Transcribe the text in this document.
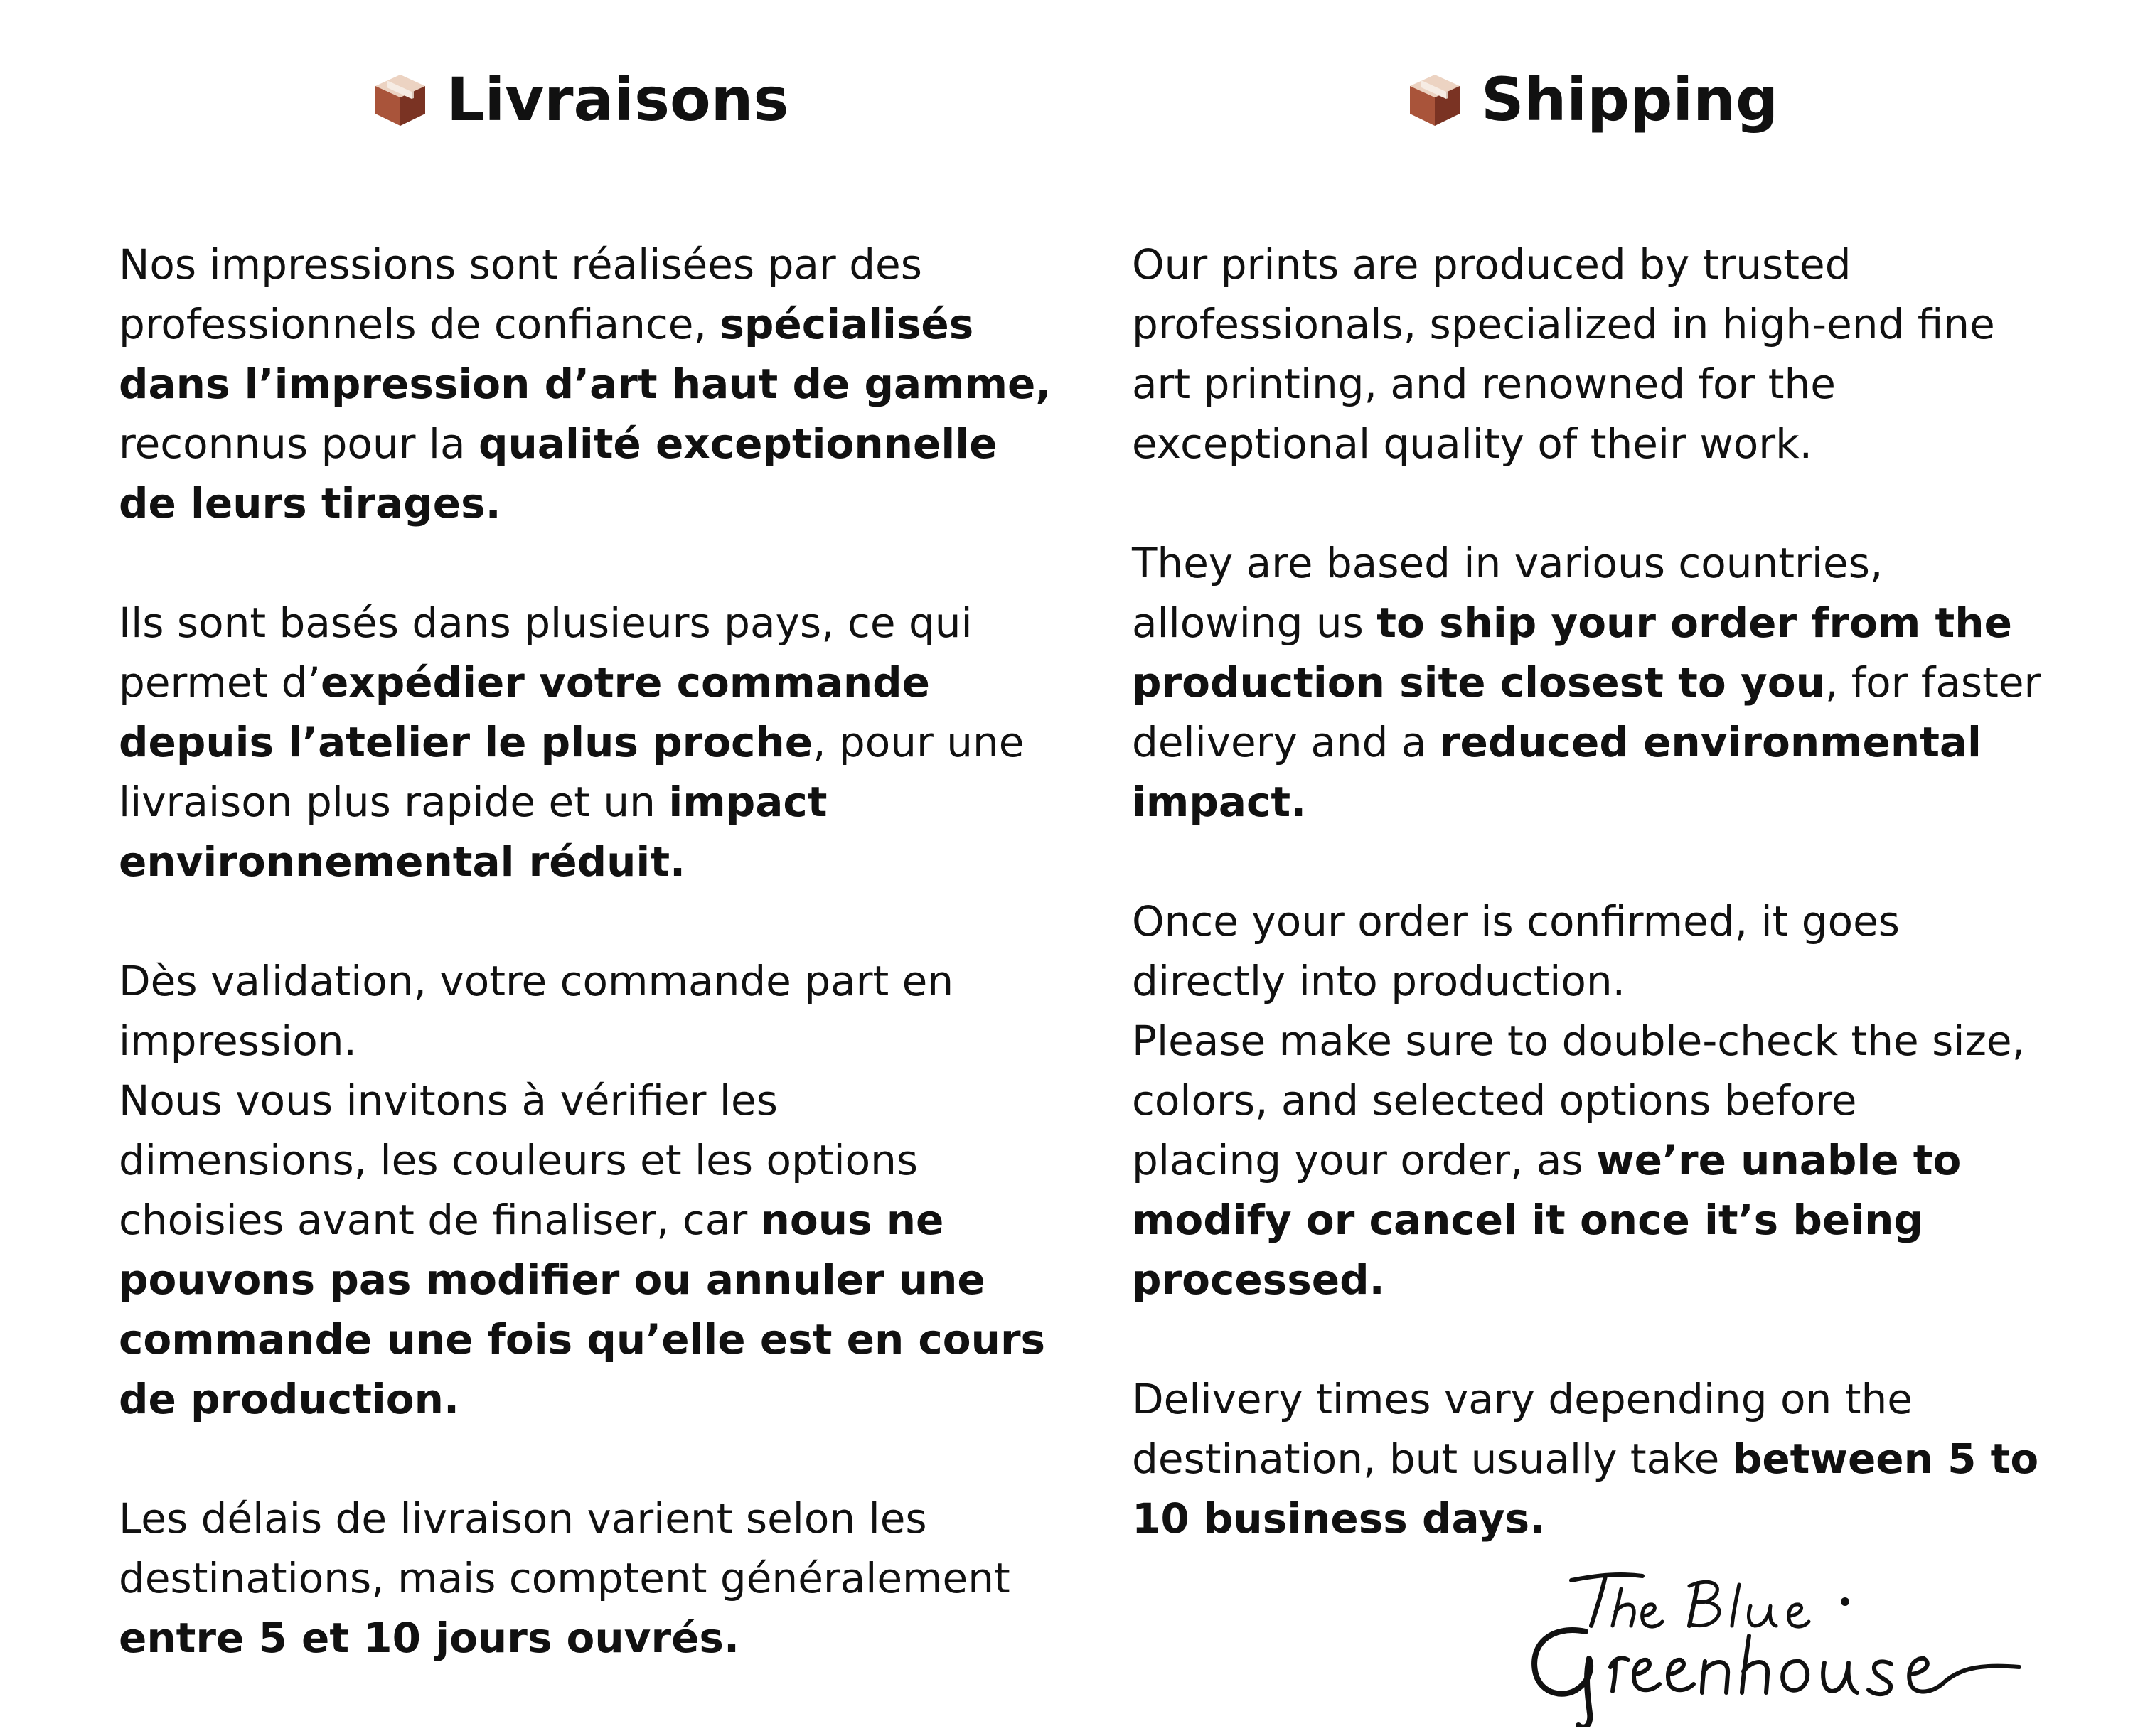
Livraisons
Nos impressions sont réalisées par des
professionnels de confiance, spécialisés
dans l’impression d’art haut de gamme,
reconnus pour la qualité exceptionnelle
de leurs tirages.
Ils sont basés dans plusieurs pays, ce qui
permet d’expédier votre commande
depuis l’atelier le plus proche, pour une
livraison plus rapide et un impact
environnemental réduit.
Dès validation, votre commande part en
impression.
Nous vous invitons à vérifier les
dimensions, les couleurs et les options
choisies avant de finaliser, car nous ne
pouvons pas modifier ou annuler une
commande une fois qu’elle est en cours
de production.
Les délais de livraison varient selon les
destinations, mais comptent généralement
entre 5 et 10 jours ouvrés.
Shipping
Our prints are produced by trusted
professionals, specialized in high-end fine
art printing, and renowned for the
exceptional quality of their work.
They are based in various countries,
allowing us to ship your order from the
production site closest to you, for faster
delivery and a reduced environmental
impact.
Once your order is confirmed, it goes
directly into production.
Please make sure to double-check the size,
colors, and selected options before
placing your order, as we’re unable to
modify or cancel it once it’s being
processed.
Delivery times vary depending on the
destination, but usually take between 5 to
10 business days.
